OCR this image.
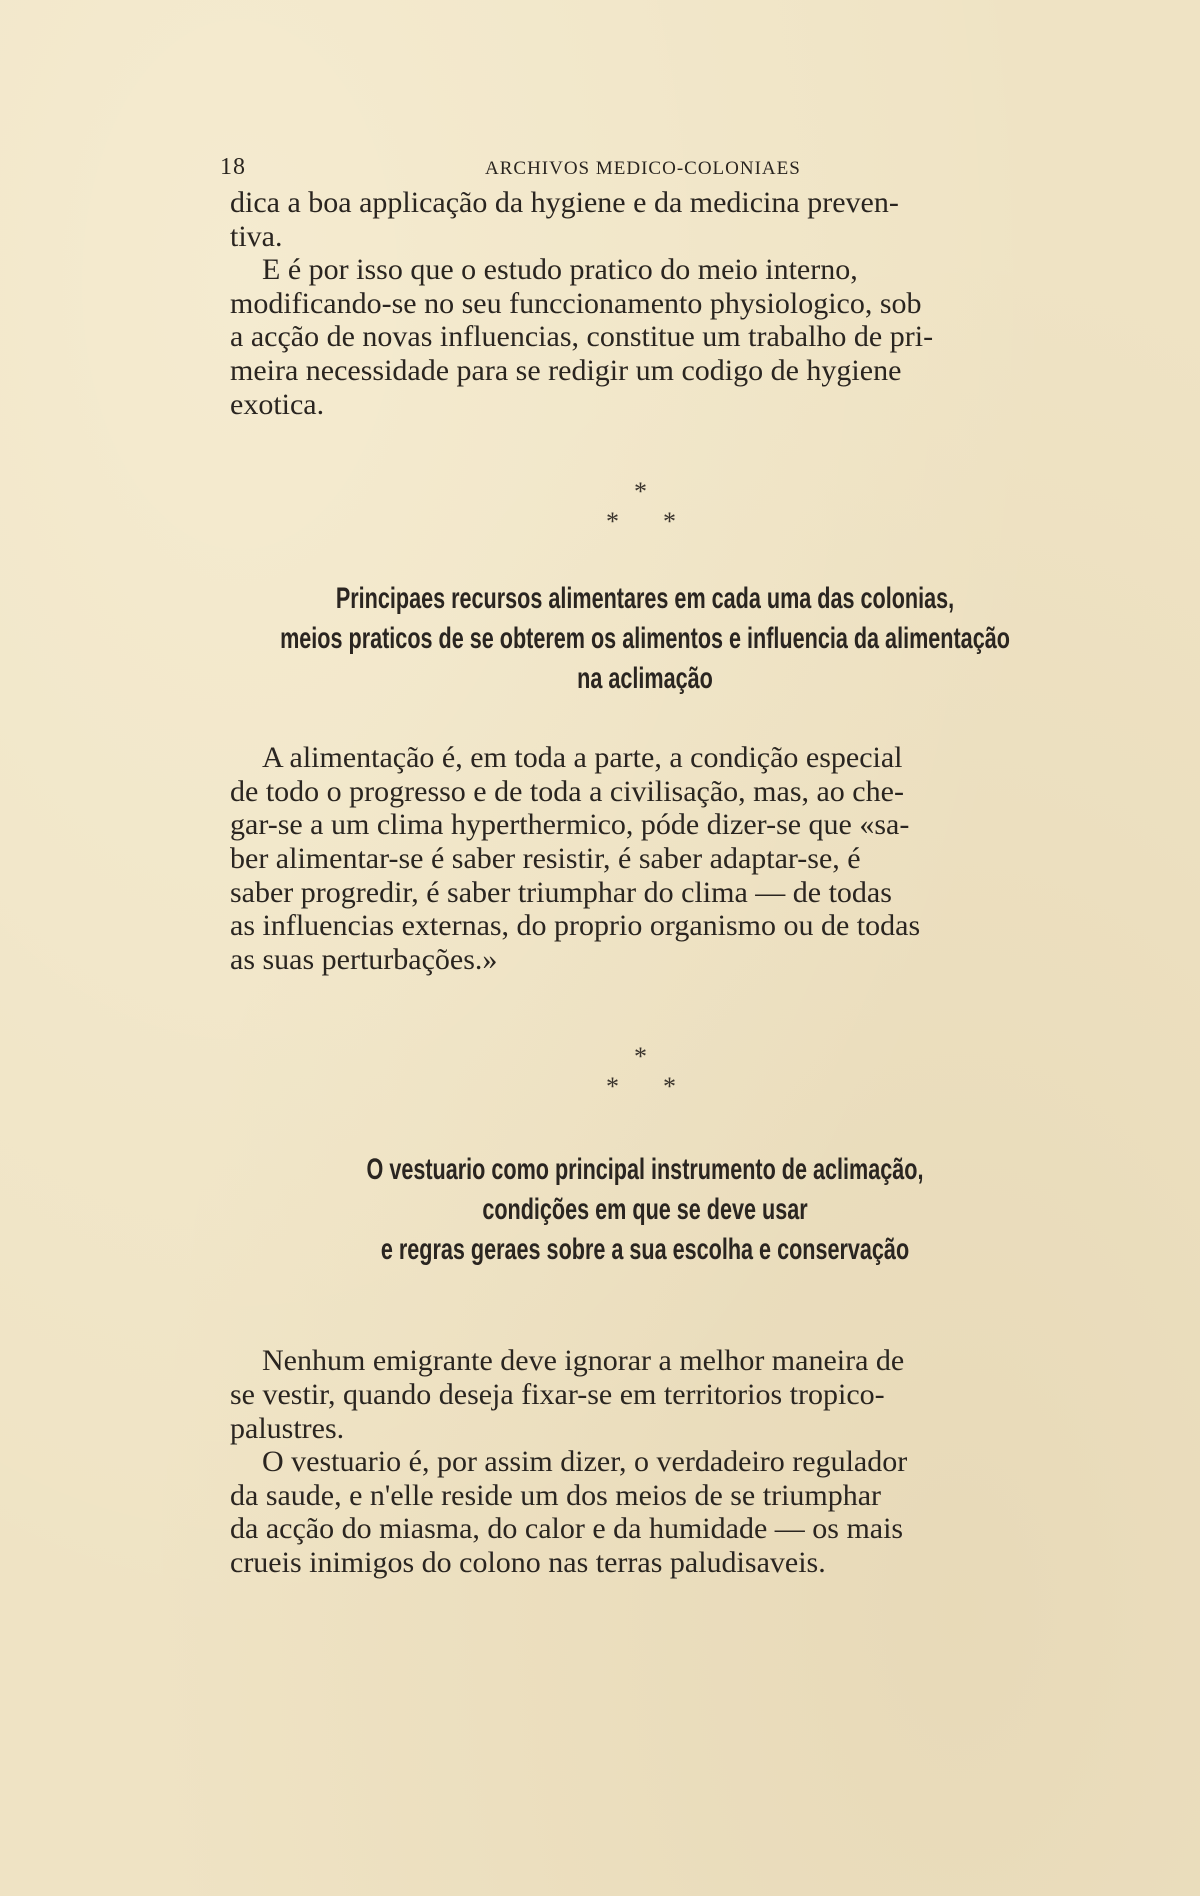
18	ARCHIVOS MEDICO-COLONIAES
dica a boa applicação da hygiene e da medicina preven-
tiva.
E é por isso que o estudo pratico do meio interno,
modificando-se no seu funccionamento physiologico, sob
a acção de novas influencias, constitue um trabalho de pri-
meira necessidade para se redigir um codigo de hygiene
exotica.
*
* *
Principaes recursos alimentares em cada uma das colonias,
meios praticos de se obterem os alimentos e influencia da alimentação
na aclimação
A alimentação é, em toda a parte, a condição especial
de todo o progresso e de toda a civilisação, mas, ao che-
gar-se a um clima hyperthermico, póde dizer-se que «sa-
ber alimentar-se é saber resistir, é saber adaptar-se, é
saber progredir, é saber triumphar do clima — de todas
as influencias externas, do proprio organismo ou de todas
as suas perturbações.»
*
* *
O vestuario como principal instrumento de aclimação,
condições em que se deve usar
e regras geraes sobre a sua escolha e conservação
Nenhum emigrante deve ignorar a melhor maneira de
se vestir, quando deseja fixar-se em territorios tropico-
palustres.
O vestuario é, por assim dizer, o verdadeiro regulador
da saude, e n'elle reside um dos meios de se triumphar
da acção do miasma, do calor e da humidade — os mais
crueis inimigos do colono nas terras paludisaveis.
